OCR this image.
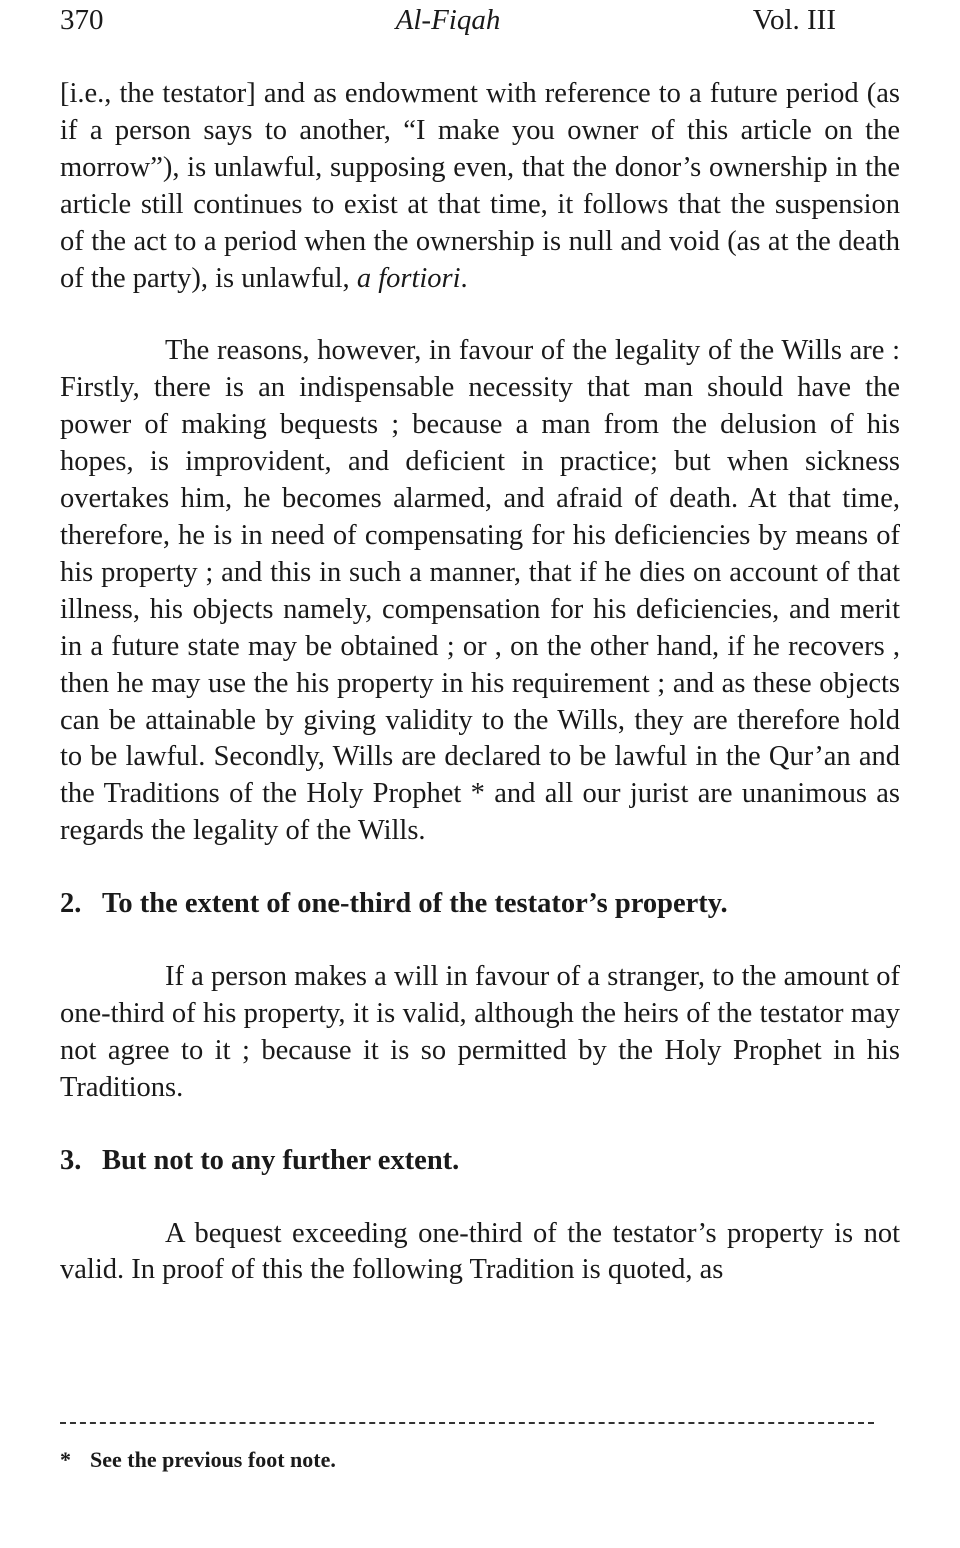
370	Al-Fiqah	Vol. III

[i.e., the testator] and as endowment with reference to a future period (as if a person says to another, “I make you owner of this article on the morrow”), is unlawful, supposing even, that the donor’s ownership in the article still continues to exist at that time, it follows that the suspension of the act to a period when the ownership is null and void (as at the death of the party), is unlawful, a fortiori.

The reasons, however, in favour of the legality of the Wills are : Firstly, there is an indispensable necessity that man should have the power of making bequests ; because a man from the delusion of his hopes, is improvident, and deficient in practice; but when sickness overtakes him, he becomes alarmed, and afraid of death. At that time, therefore, he is in need of compensating for his deficiencies by means of his property ; and this in such a manner, that if he dies on account of that illness, his objects namely, compensation for his deficiencies, and merit in a future state may be obtained ; or , on the other hand, if he recovers , then he may use the his property in his requirement ; and as these objects can be attainable by giving validity to the Wills, they are therefore hold to be lawful. Secondly, Wills are declared to be lawful in the Qur’an and the Traditions of the Holy Prophet * and all our jurist are unanimous as regards the legality of the Wills.

2. To the extent of one-third of the testator’s property.

If a person makes a will in favour of a stranger, to the amount of one-third of his property, it is valid, although the heirs of the testator may not agree to it ; because it is so permitted by the Holy Prophet in his Traditions.

3. But not to any further extent.

A bequest exceeding one-third of the testator’s property is not valid. In proof of this the following Tradition is quoted, as

* See the previous foot note.
